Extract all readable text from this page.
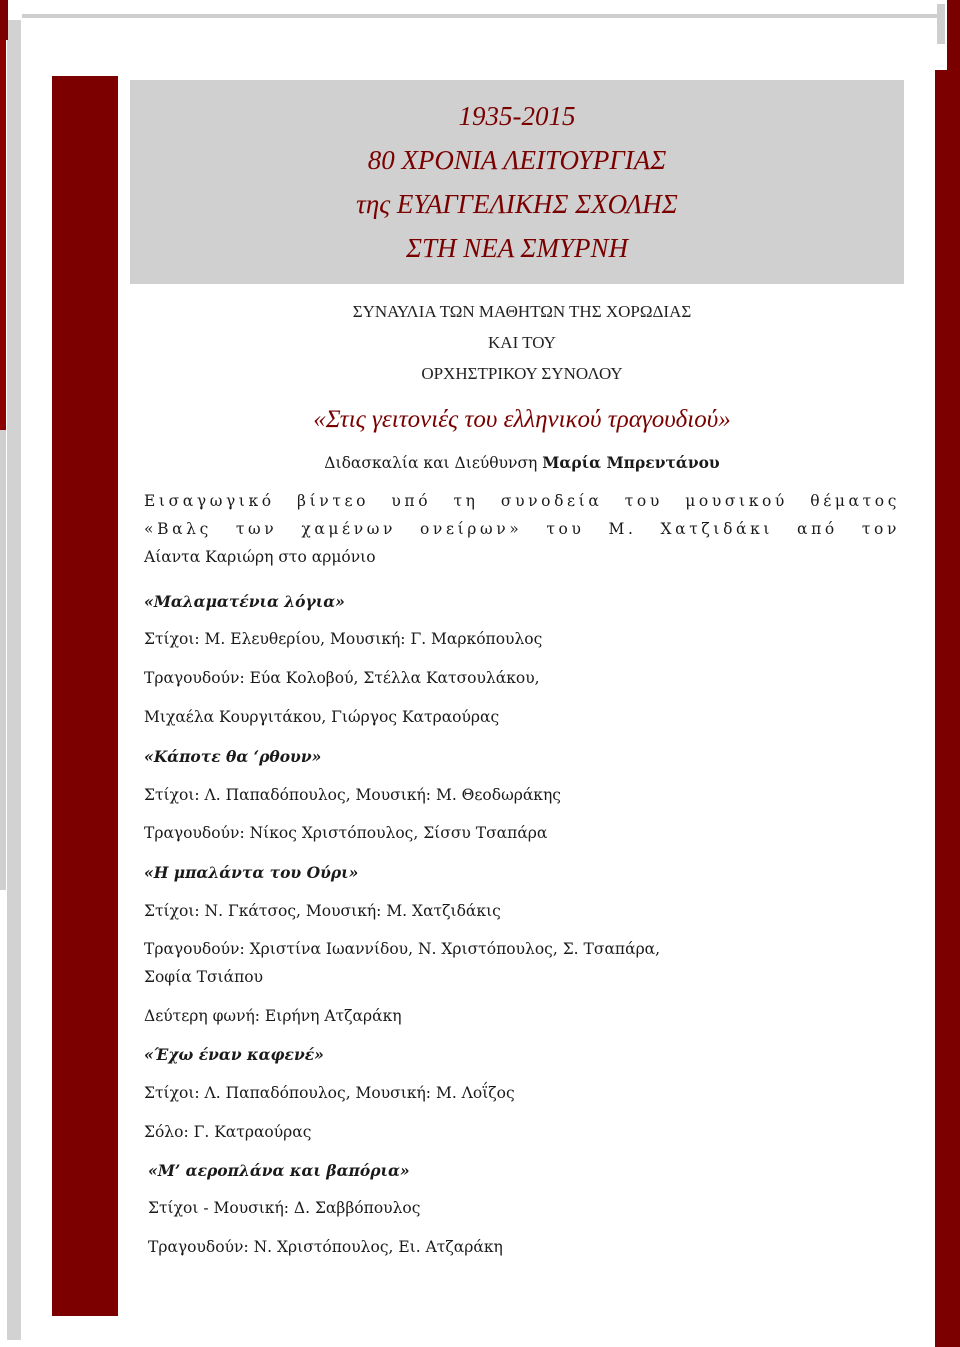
1935-2015
80 ΧΡΟΝΙΑ ΛΕΙΤΟΥΡΓΙΑΣ
της ΕΥΑΓΓΕΛΙΚΗΣ ΣΧΟΛΗΣ
ΣΤΗ ΝΕΑ ΣΜΥΡΝΗ
ΣΥΝΑΥΛΙΑ ΤΩΝ ΜΑΘΗΤΩΝ ΤΗΣ ΧΟΡΩΔΙΑΣ
ΚΑΙ ΤΟΥ
ΟΡΧΗΣΤΡΙΚΟΥ ΣΥΝΟΛΟΥ
«Στις γειτονιές του ελληνικού τραγουδιού»
Διδασκαλία και Διεύθυνση Μαρία Μπρεντάνου
Εισαγωγικό βίντεο υπό τη συνοδεία του μουσικού θέματος
«Βαλς των χαμένων ονείρων» του Μ. Χατζιδάκι από τον
Αίαντα Καριώρη στο αρμόνιο
«Μαλαματένια λόγια»
Στίχοι: Μ. Ελευθερίου, Μουσική: Γ. Μαρκόπουλος
Τραγουδούν: Εύα Κολοβού, Στέλλα Κατσουλάκου,
Μιχαέλα Κουργιτάκου, Γιώργος Κατραούρας
«Κάποτε θα ‘ρθουν»
Στίχοι: Λ. Παπαδόπουλος, Μουσική: Μ. Θεοδωράκης
Τραγουδούν: Νίκος Χριστόπουλος, Σίσσυ Τσαπάρα
«Η μπαλάντα του Ούρι»
Στίχοι: Ν. Γκάτσος, Μουσική: Μ. Χατζιδάκις
Τραγουδούν: Χριστίνα Ιωαννίδου, Ν. Χριστόπουλος, Σ. Τσαπάρα,
Σοφία Τσιάπου
Δεύτερη φωνή: Ειρήνη Ατζαράκη
«Έχω έναν καφενέ»
Στίχοι: Λ. Παπαδόπουλος, Μουσική: Μ. Λοΐζος
Σόλο: Γ. Κατραούρας
«Μ’ αεροπλάνα και βαπόρια»
Στίχοι - Μουσική: Δ. Σαββόπουλος
Τραγουδούν: Ν. Χριστόπουλος, Ει. Ατζαράκη
